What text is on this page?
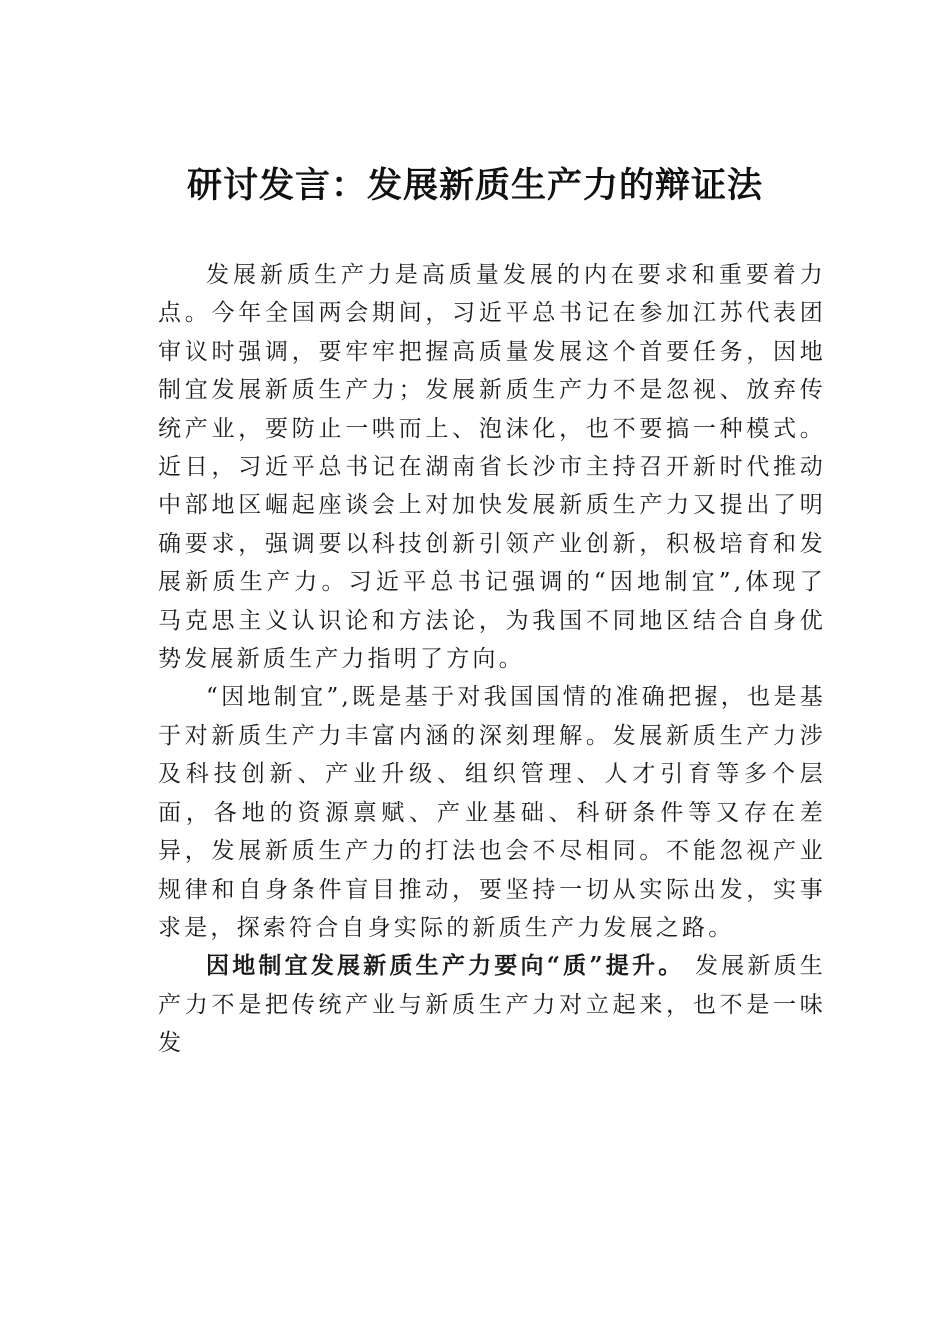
研讨发言：发展新质生产力的辩证法

发展新质生产力是高质量发展的内在要求和重要着力点。今年全国两会期间，习近平总书记在参加江苏代表团审议时强调，要牢牢把握高质量发展这个首要任务，因地制宜发展新质生产力；发展新质生产力不是忽视、放弃传统产业，要防止一哄而上、泡沫化，也不要搞一种模式。近日，习近平总书记在湖南省长沙市主持召开新时代推动中部地区崛起座谈会上对加快发展新质生产力又提出了明确要求，强调要以科技创新引领产业创新，积极培育和发展新质生产力。习近平总书记强调的“因地制宜”,体现了马克思主义认识论和方法论，为我国不同地区结合自身优势发展新质生产力指明了方向。

“因地制宜”,既是基于对我国国情的准确把握，也是基于对新质生产力丰富内涵的深刻理解。发展新质生产力涉及科技创新、产业升级、组织管理、人才引育等多个层面，各地的资源禀赋、产业基础、科研条件等又存在差异，发展新质生产力的打法也会不尽相同。不能忽视产业规律和自身条件盲目推动，要坚持一切从实际出发，实事求是，探索符合自身实际的新质生产力发展之路。

因地制宜发展新质生产力要向“质”提升。 发展新质生产力不是把传统产业与新质生产力对立起来，也不是一味发
